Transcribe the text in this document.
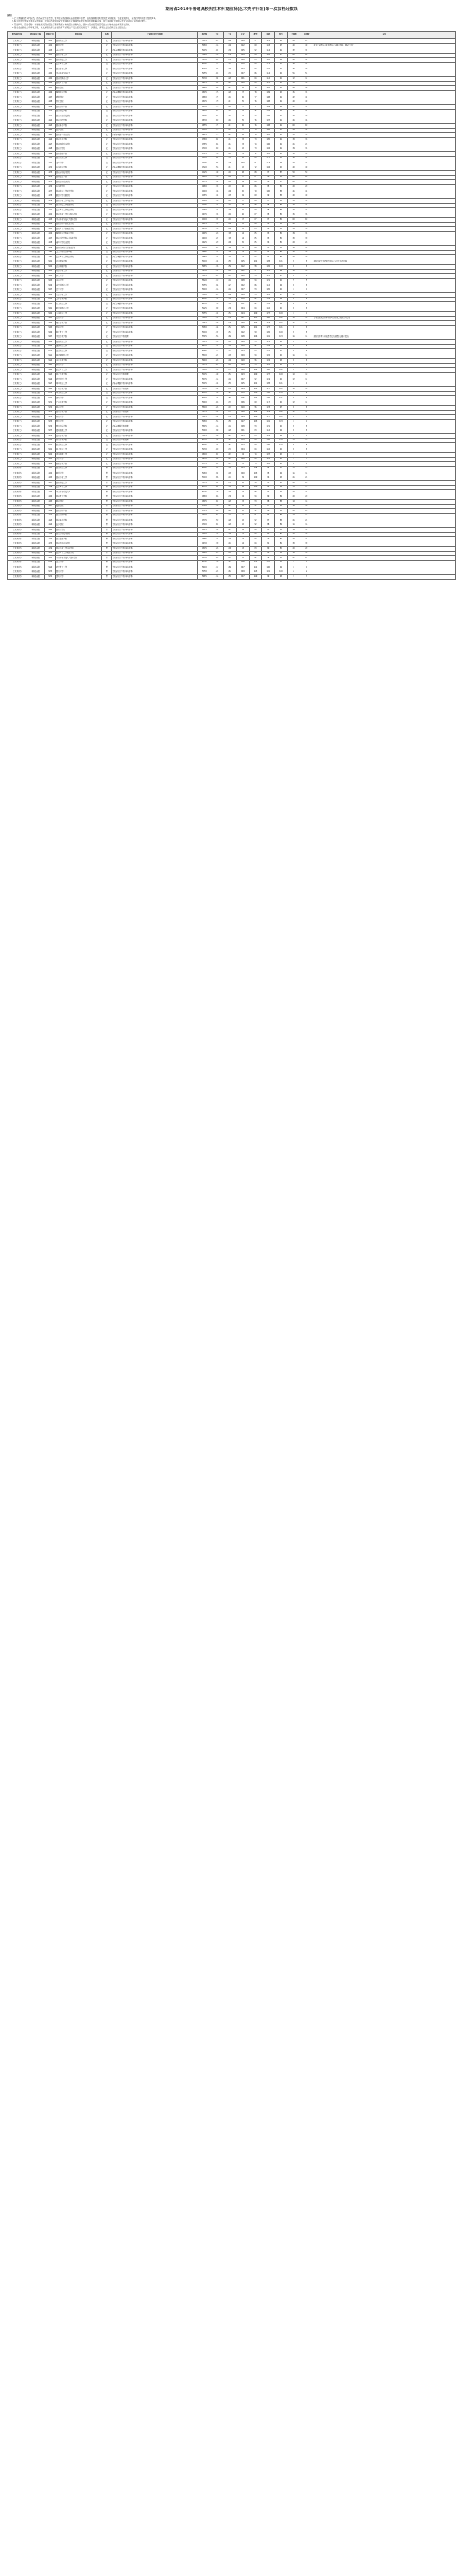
湖南省2019年普通高校招生本科提前批(艺术类平行组)第一次投档分数线

说明：

1. 艺术类提前批本科投档，按各院校专业志愿，依考生投档成绩从高到低顺序投档，投档成绩相同时依次按文化成绩、专业成绩排序，投档比例为招生计划的1:1。

2. 本表所列分数线为考生投档成绩，考生投档成绩由文化成绩和专业成绩按院校公布的规则折算而成，考生须同时达到相应批次文化和专业控制分数线。

3. 院校代号、院校名称、计划性质以院校招生章程和我省公布的招生计划为准，表中未列出的院校及专业为计划未完成或无考生投档。

4. 投档后由高校负责审查录取，未被录取的考生由省教育考试院按平行志愿规则进行下一次投档，请考生关注后续征集志愿信息。

投档单位代码	投档单位名称	院校代号	院校名称	科类	专业类别及计划说明	投档线	文化	专业	语文	数学	外语	综合	计划数	投档数	备注
艺术类(文)	本科提前批	1101	湖南师范大学	文	美术与设计学类(本省统考)	534.5	421	246	108	97	121	95	25	25	
艺术类(文)	本科提前批	1102	湘潭大学	文	美术与设计学类(本省统考)	528.0	416	240	112	89	118	97	40	40	按文化成绩与专业成绩综合分排序投档，同分比文化
艺术类(文)	本科提前批	1103	吉首大学	文	音乐与舞蹈学类(本省统考)	519.5	402	238	105	92	114	91	32	32	
艺术类(文)	本科提前批	1105	湖南工业大学	文	美术与设计学类(本省统考)	522.0	410	236	109	88	116	97	60	60	
艺术类(文)	本科提前批	1107	湖南科技大学	文	美术与设计学类(本省统考)	517.0	405	232	106	85	120	94	45	45	
艺术类(文)	本科提前批	1108	长沙理工大学	文	美术与设计学类(本省统考)	520.5	412	233	110	90	117	95	38	38	
艺术类(文)	本科提前批	1109	湖南农业大学	文	美术与设计学类(本省统考)	511.0	398	230	104	83	115	96	30	30	
艺术类(文)	本科提前批	1110	中南林业科技大学	文	美术与设计学类(本省统考)	515.5	403	231	107	86	114	96	55	55	
艺术类(文)	本科提前批	1112	湖南中医药大学	文	美术与设计学类(本省统考)	503.0	392	226	101	84	112	95	12	12	
艺术类(文)	本科提前批	1114	湖南理工学院	文	美术与设计学类(本省统考)	498.5	385	224	100	80	113	92	50	50	
艺术类(文)	本科提前批	1115	湘南学院	文	美术与设计学类(本省统考)	492.0	380	221	98	79	110	93	48	48	
艺术类(文)	本科提前批	1116	衡阳师范学院	文	音乐与舞蹈学类(本省统考)	489.5	376	220	97	78	109	92	35	35	
艺术类(文)	本科提前批	1117	邵阳学院	文	美术与设计学类(本省统考)	486.0	372	218	96	77	108	91	42	42	
艺术类(文)	本科提前批	1118	怀化学院	文	美术与设计学类(本省统考)	484.5	370	217	95	76	108	91	40	40	
艺术类(文)	本科提前批	1119	湖南文理学院	文	美术与设计学类(本省统考)	487.0	374	218	97	77	109	91	52	52	
艺术类(文)	本科提前批	1120	湖南科技学院	文	美术与设计学类(本省统考)	481.0	368	215	94	75	107	92	36	36	
艺术类(文)	本科提前批	1121	湖南人文科技学院	文	美术与设计学类(本省统考)	479.5	365	215	94	74	106	91	40	40	
艺术类(文)	本科提前批	1122	湖南工程学院	文	美术与设计学类(本省统考)	483.0	369	216	95	76	107	91	46	46	
艺术类(文)	本科提前批	1123	湖南城市学院	文	美术与设计学类(本省统考)	485.5	371	217	96	76	108	91	60	60	
艺术类(文)	本科提前批	1124	长沙学院	文	美术与设计学类(本省统考)	488.0	375	219	97	78	108	92	44	44	
艺术类(文)	本科提前批	1125	湖南第一师范学院	文	音乐与舞蹈学类(本省统考)	491.5	379	221	98	79	110	92	30	30	
艺术类(文)	本科提前批	1126	湖南女子学院	文	美术与设计学类(本省统考)	476.0	362	213	93	73	105	91	38	38	
艺术类(文)	本科提前批	1127	湖南财政经济学院	文	美术与设计学类(本省统考)	478.5	364	214	93	74	106	91	25	25	
艺术类(文)	本科提前批	1128	湖南工学院	文	美术与设计学类(本省统考)	474.0	360	212	92	73	104	91	34	34	
艺术类(文)	本科提前批	1129	湖南警察学院	文	美术与设计学类(本省统考)	470.5	356	210	91	72	103	90	10	10	
艺术类(文)	本科提前批	1130	湖南工商大学	文	美术与设计学类(本省统考)	494.0	382	222	99	80	111	92	32	32	
艺术类(文)	本科提前批	1131	南华大学	文	美术与设计学类(本省统考)	499.5	387	225	100	81	113	93	28	28	
艺术类(文)	本科提前批	1132	长沙师范学院	文	音乐与舞蹈学类(本省统考)	472.0	358	211	92	72	104	90	40	40	
艺术类(文)	本科提前批	1133	湖南应用技术学院	文	美术与设计学类(本省统考)	452.5	340	203	88	68	97	87	50	50	
艺术类(文)	本科提前批	1134	湖南信息学院	文	美术与设计学类(本省统考)	449.0	336	202	87	67	96	86	60	60	
艺术类(文)	本科提前批	1135	湖南涉外经济学院	文	美术与设计学类(本省统考)	455.5	343	204	89	69	98	87	80	80	
艺术类(文)	本科提前批	1136	长沙医学院	文	美术与设计学类(本省统考)	446.0	333	201	86	66	95	86	20	20	
艺术类(文)	本科提前批	1137	湖南师范大学树达学院	文	美术与设计学类(本省统考)	461.0	348	206	90	70	100	88	45	45	
艺术类(文)	本科提前批	1138	湘潭大学兴湘学院	文	美术与设计学类(本省统考)	458.5	345	205	89	69	99	88	40	40	
艺术类(文)	本科提前批	1139	湖南工业大学科技学院	文	美术与设计学类(本省统考)	451.0	338	203	87	68	97	86	55	55	
艺术类(文)	本科提前批	1140	湖南科技大学潇湘学院	文	美术与设计学类(本省统考)	453.5	341	204	88	68	98	87	42	42	
艺术类(文)	本科提前批	1141	长沙理工大学城南学院	文	美术与设计学类(本省统考)	456.0	344	205	89	69	98	88	48	48	
艺术类(文)	本科提前批	1142	湖南农业大学东方科技学院	文	美术与设计学类(本省统考)	447.5	334	202	86	67	95	86	36	36	
艺术类(文)	本科提前批	1143	中南林业科技大学涉外学院	文	美术与设计学类(本省统考)	450.0	337	203	87	67	97	86	60	60	
艺术类(文)	本科提前批	1144	湖南文理学院芙蓉学院	文	美术与设计学类(本省统考)	444.5	331	200	85	66	94	86	40	40	
艺术类(文)	本科提前批	1145	湖南理工学院南湖学院	文	美术与设计学类(本省统考)	443.0	330	200	85	65	94	86	38	38	
艺术类(文)	本科提前批	1146	衡阳师范学院南岳学院	文	美术与设计学类(本省统考)	441.5	328	199	84	65	93	86	34	34	
艺术类(文)	本科提前批	1147	湖南工程学院应用技术学院	文	美术与设计学类(本省统考)	440.0	327	199	84	65	93	85	30	30	
艺术类(文)	本科提前批	1148	南华大学船山学院	文	美术与设计学类(本省统考)	442.5	329	200	85	65	94	85	28	28	
艺术类(文)	本科提前批	1149	湖南中医药大学湘杏学院	文	美术与设计学类(本省统考)	438.0	325	198	83	64	93	85	15	15	
艺术类(文)	本科提前批	1150	吉首大学张家界学院	文	美术与设计学类(本省统考)	436.5	323	198	83	64	92	84	40	40	
艺术类(文)	本科提前批	1151	长沙理工大学城南学院	文	音乐与舞蹈学类(本省统考)	435.0	322	197	82	64	92	84	20	20	
艺术类(文)	本科提前批	2101	北京服装学院	文	美术与设计学类(本省统考)	560.0	445	255	115	101	128	101	8	8	按院校招生章程规定的综合分计算方式投档
艺术类(文)	本科提前批	2102	北京印刷学院	文	美术与设计学类(本省统考)	548.5	436	250	112	98	126	100	6	6	
艺术类(文)	本科提前批	2103	天津工业大学	文	美术与设计学类(本省统考)	545.0	432	249	111	97	125	99	10	10	
艺术类(文)	本科提前批	2104	河北大学	文	美术与设计学类(本省统考)	538.5	425	247	110	95	123	97	6	6	
艺术类(文)	本科提前批	2105	山西大学	文	美术与设计学类(本省统考)	532.0	419	244	108	94	121	96	5	5	
艺术类(文)	本科提前批	2106	内蒙古师范大学	文	美术与设计学类(本省统考)	505.5	394	227	102	86	112	94	6	6	
艺术类(文)	本科提前批	2107	辽宁大学	文	美术与设计学类(本省统考)	529.0	416	242	107	93	120	96	4	4	
艺术类(文)	本科提前批	2108	大连工业大学	文	美术与设计学类(本省统考)	536.0	423	246	109	95	122	97	12	12	
艺术类(文)	本科提前批	2109	吉林艺术学院	文	美术与设计学类(本省统考)	540.5	427	248	110	96	123	98	8	8	
艺术类(文)	本科提前批	2110	东北师范大学	文	音乐与舞蹈学类(本省统考)	542.0	429	248	111	96	124	98	5	5	
艺术类(文)	本科提前批	2111	哈尔滨师范大学	文	美术与设计学类(本省统考)	512.5	399	230	104	84	116	95	6	6	
艺术类(文)	本科提前批	2112	上海师范大学	文	美术与设计学类(本省统考)	555.5	441	253	114	100	127	100	4	4	
艺术类(文)	本科提前批	2113	江南大学	文	美术与设计学类(本省统考)	566.0	452	258	117	103	130	102	10	10	专业成绩须达到本省统考合格线，按综合分投档
艺术类(文)	本科提前批	2114	南京艺术学院	文	美术与设计学类(本省统考)	562.5	448	256	116	102	129	101	12	12	
艺术类(文)	本科提前批	2115	苏州大学	文	美术与设计学类(本省统考)	558.0	444	254	115	101	127	101	6	6	
艺术类(文)	本科提前批	2116	浙江理工大学	文	美术与设计学类(本省统考)	550.0	437	251	112	99	126	100	8	8	
艺术类(文)	本科提前批	2117	中国美术学院	文	美术与设计学类(校考)	571.5	456	260	118	104	131	103	15	15	按院校校考专业成绩及文化成绩综合排序投档
艺术类(文)	本科提前批	2118	安徽师范大学	文	美术与设计学类(本省统考)	530.5	418	243	108	93	121	96	6	6	
艺术类(文)	本科提前批	2119	福建师范大学	文	美术与设计学类(本省统考)	537.0	424	246	109	95	123	97	5	5	
艺术类(文)	本科提前批	2120	江西师范大学	文	美术与设计学类(本省统考)	526.5	413	241	107	92	119	95	8	8	
艺术类(文)	本科提前批	2121	景德镇陶瓷大学	文	美术与设计学类(本省统考)	534.0	421	245	109	94	122	96	15	15	
艺术类(文)	本科提前批	2122	山东艺术学院	文	美术与设计学类(本省统考)	541.0	428	248	110	96	124	98	6	6	
艺术类(文)	本科提前批	2123	河南大学	文	美术与设计学类(本省统考)	535.5	422	245	109	95	122	96	6	6	
艺术类(文)	本科提前批	2124	武汉理工大学	文	美术与设计学类(本省统考)	564.0	450	257	116	102	130	102	8	8	
艺术类(文)	本科提前批	2125	湖北美术学院	文	美术与设计学类(校考)	554.5	440	253	113	100	127	100	10	10	
艺术类(文)	本科提前批	2126	武汉纺织大学	文	美术与设计学类(本省统考)	527.5	414	242	107	92	119	96	12	12	
艺术类(文)	本科提前批	2127	华中师范大学	文	音乐与舞蹈学类(本省统考)	559.5	445	255	115	101	128	101	4	4	
艺术类(文)	本科提前批	2128	广州美术学院	文	美术与设计学类(校考)	557.0	443	254	114	101	127	101	10	10	
艺术类(文)	本科提前批	2129	华南师范大学	文	美术与设计学类(本省统考)	553.0	439	252	113	100	126	100	5	5	
艺术类(文)	本科提前批	2130	深圳大学	文	美术与设计学类(本省统考)	561.0	447	256	115	102	129	101	6	6	
艺术类(文)	本科提前批	2131	广西艺术学院	文	美术与设计学类(本省统考)	521.0	408	237	106	89	117	96	12	12	
艺术类(文)	本科提前批	2132	海南大学	文	美术与设计学类(本省统考)	539.0	426	247	110	96	123	97	6	6	
艺术类(文)	本科提前批	2133	四川美术学院	文	美术与设计学类(校考)	563.5	449	257	116	102	129	102	12	12	
艺术类(文)	本科提前批	2134	西南大学	文	美术与设计学类(本省统考)	556.5	442	254	114	100	127	101	6	6	
艺术类(文)	本科提前批	2135	四川大学	文	美术与设计学类(本省统考)	568.0	454	259	117	103	131	103	4	4	
艺术类(文)	本科提前批	2136	四川音乐学院	文	音乐与舞蹈学类(校考)	531.5	418	244	108	93	121	96	8	8	
艺术类(文)	本科提前批	2137	贵州民族大学	文	美术与设计学类(本省统考)	501.0	390	226	101	83	112	94	6	6	
艺术类(文)	本科提前批	2138	云南艺术学院	文	美术与设计学类(本省统考)	509.5	396	229	103	85	114	94	8	8	
艺术类(文)	本科提前批	2139	西安美术学院	文	美术与设计学类(校考)	552.0	438	252	113	99	126	100	10	10	
艺术类(文)	本科提前批	2140	陕西师范大学	文	美术与设计学类(本省统考)	549.5	436	251	112	99	125	100	5	5	
艺术类(文)	本科提前批	2141	西北师范大学	文	美术与设计学类(本省统考)	513.0	400	231	104	84	116	96	6	6	
艺术类(文)	本科提前批	2142	青海民族大学	文	美术与设计学类(本省统考)	480.0	367	215	94	74	107	92	4	4	
艺术类(文)	本科提前批	2143	宁夏大学	文	美术与设计学类(本省统考)	497.0	384	224	100	80	112	92	5	5	
艺术类(文)	本科提前批	2144	新疆艺术学院	文	美术与设计学类(本省统考)	475.5	361	213	93	73	105	90	6	6	
艺术类(理)	本科提前批	1101	湖南师范大学	理	美术与设计学类(本省统考)	521.5	398	248	102	105	96	95	10	10	
艺术类(理)	本科提前批	1102	湘潭大学	理	美术与设计学类(本省统考)	516.0	392	245	100	103	95	94	15	15	
艺术类(理)	本科提前批	1105	湖南工业大学	理	美术与设计学类(本省统考)	509.0	386	241	99	100	94	93	25	25	
艺术类(理)	本科提前批	1107	湖南科技大学	理	美术与设计学类(本省统考)	505.5	382	239	98	99	93	92	20	20	
艺术类(理)	本科提前批	1108	长沙理工大学	理	美术与设计学类(本省统考)	507.0	384	240	98	100	93	93	18	18	
艺术类(理)	本科提前批	1110	中南林业科技大学	理	美术与设计学类(本省统考)	502.5	379	238	97	98	92	92	22	22	
艺术类(理)	本科提前批	1114	湖南理工学院	理	美术与设计学类(本省统考)	486.0	366	230	94	94	89	89	20	20	
艺术类(理)	本科提前批	1115	湘南学院	理	美术与设计学类(本省统考)	481.5	362	228	93	93	88	88	18	18	
艺术类(理)	本科提前批	1117	邵阳学院	理	美术与设计学类(本省统考)	476.0	358	225	92	91	87	88	16	16	
艺术类(理)	本科提前批	1119	湖南文理学院	理	美术与设计学类(本省统考)	478.5	360	226	92	92	88	88	20	20	
艺术类(理)	本科提前批	1122	湖南工程学院	理	美术与设计学类(本省统考)	474.0	356	224	91	91	87	87	18	18	
艺术类(理)	本科提前批	1123	湖南城市学院	理	美术与设计学类(本省统考)	477.5	359	226	92	92	87	88	25	25	
艺术类(理)	本科提前批	1124	长沙学院	理	美术与设计学类(本省统考)	479.0	361	226	92	92	88	89	16	16	
艺术类(理)	本科提前批	1128	湖南工学院	理	美术与设计学类(本省统考)	466.5	349	221	89	89	85	86	14	14	
艺术类(理)	本科提前批	1133	湖南应用技术学院	理	美术与设计学类(本省统考)	441.0	328	209	84	83	80	81	20	20	
艺术类(理)	本科提前批	1134	湖南信息学院	理	美术与设计学类(本省统考)	438.5	325	208	83	83	79	80	24	24	
艺术类(理)	本科提前批	1135	湖南涉外经济学院	理	美术与设计学类(本省统考)	443.0	330	210	84	84	81	81	30	30	
艺术类(理)	本科提前批	1139	湖南工业大学科技学院	理	美术与设计学类(本省统考)	439.5	326	208	83	83	80	80	20	20	
艺术类(理)	本科提前批	1141	长沙理工大学城南学院	理	美术与设计学类(本省统考)	442.0	329	209	84	84	80	81	18	18	
艺术类(理)	本科提前批	1143	中南林业科技大学涉外学院	理	美术与设计学类(本省统考)	437.0	324	207	83	82	79	80	22	22	
艺术类(理)	本科提前批	2113	江南大学	理	美术与设计学类(本省统考)	552.5	420	262	108	112	101	99	4	4	
艺术类(理)	本科提前批	2124	武汉理工大学	理	美术与设计学类(本省统考)	549.0	417	260	107	111	100	99	4	4	
艺术类(理)	本科提前批	2135	四川大学	理	美术与设计学类(本省统考)	555.0	423	263	109	113	101	100	2	2	
艺术类(理)	本科提前批	2130	深圳大学	理	美术与设计学类(本省统考)	546.5	414	259	107	110	99	98	3	3	
